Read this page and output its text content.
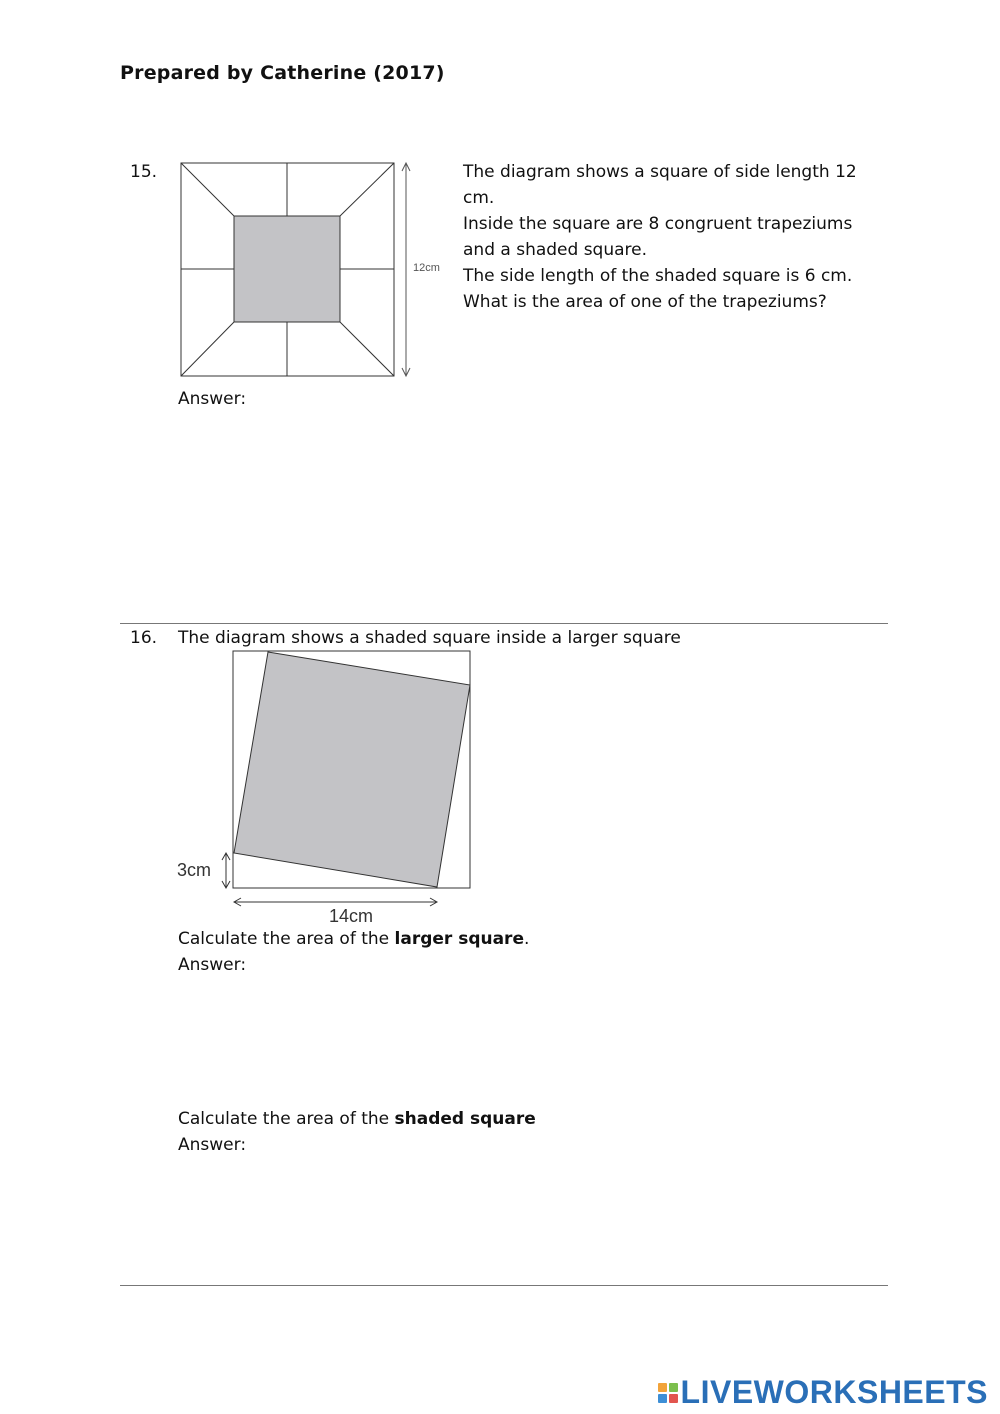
Prepared by Catherine (2017)
15.
12cm

The diagram shows a square of side length 12

cm.

Inside the square are 8 congruent trapeziums

and a shaded square.

The side length of the shaded square is 6 cm.

What is the area of one of the trapeziums?

Answer:
16. The diagram shows a shaded square inside a larger square
3cm
14cm
Calculate the area of the larger square.
Answer:
Calculate the area of the shaded square
Answer:
LIVEWORKSHEETS
